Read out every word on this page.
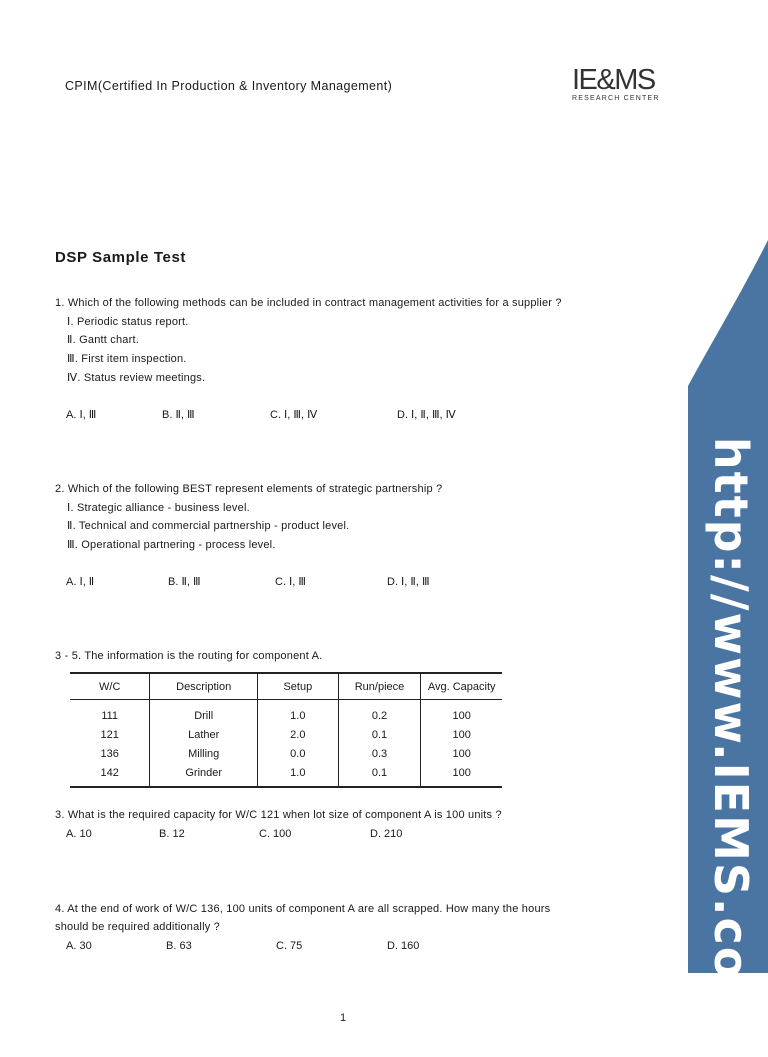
CPIM(Certified In Production & Inventory Management)	IE&MS
RESEARCH CENTER
http://www.IEMS.co.kr
DSP Sample Test
1. Which of the following methods can be included in contract management activities for a supplier ?
Ⅰ. Periodic status report.
Ⅱ. Gantt chart.
Ⅲ. First item inspection.
Ⅳ. Status review meetings.
A. Ⅰ, Ⅲ	B. Ⅱ, Ⅲ	C. Ⅰ, Ⅲ, Ⅳ	D. Ⅰ, Ⅱ, Ⅲ, Ⅳ
2. Which of the following BEST represent elements of strategic partnership ?
Ⅰ. Strategic alliance - business level.
Ⅱ. Technical and commercial partnership - product level.
Ⅲ. Operational partnering - process level.
A. Ⅰ, Ⅱ	B. Ⅱ, Ⅲ	C. Ⅰ, Ⅲ	D. Ⅰ, Ⅱ, Ⅲ
3 - 5. The information is the routing for component A.
W/C	Description	Setup	Run/piece	Avg. Capacity
111	Drill	1.0	0.2	100
121	Lather	2.0	0.1	100
136	Milling	0.0	0.3	100
142	Grinder	1.0	0.1	100
3. What is the required capacity for W/C 121 when lot size of component A is 100 units ?
A. 10	B. 12	C. 100	D. 210
4. At the end of work of W/C 136, 100 units of component A are all scrapped. How many the hours
should be required additionally ?
A. 30	B. 63	C. 75	D. 160
1
